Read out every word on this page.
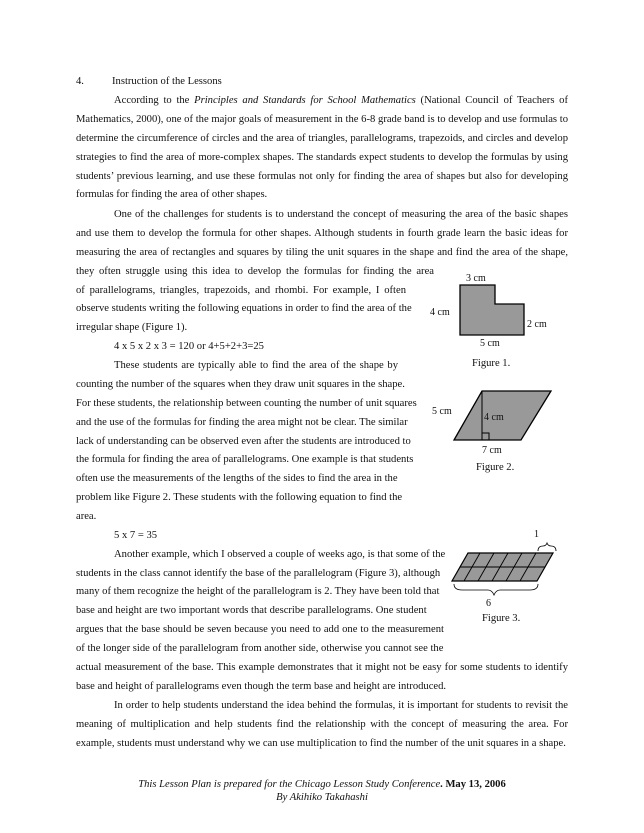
4.	Instruction of the Lessons
According to the Principles and Standards for School Mathematics (National Council of Teachers of
Mathematics, 2000), one of the major goals of measurement in the 6-8 grade band is to develop and use formulas to
determine the circumference of circles and the area of triangles, parallelograms, trapezoids, and circles and develop
strategies to find the area of more-complex shapes. The standards expect students to develop the formulas by using
students’ previous learning, and use these formulas not only for finding the area of shapes but also for developing
formulas for finding the area of other shapes.
One of the challenges for students is to understand the concept of measuring the area of the basic shapes
and use them to develop the formula for other shapes. Although students in fourth grade learn the basic ideas for
measuring the area of rectangles and squares by tiling the unit squares in the shape and find the area of the shape,
they often struggle using this idea to develop the formulas for finding the area
of parallelograms, triangles, trapezoids, and rhombi. For example, I often
observe students writing the following equations in order to find the area of the
irregular shape (Figure 1).
4 x 5 x 2 x 3 = 120 or 4+5+2+3=25
These students are typically able to find the area of the shape by
counting the number of the squares when they draw unit squares in the shape.
For these students, the relationship between counting the number of unit squares
and the use of the formulas for finding the area might not be clear. The similar
lack of understanding can be observed even after the students are introduced to
the formula for finding the area of parallelograms. One example is that students
often use the measurements of the lengths of the sides to find the area in the
problem like Figure 2. These students with the following equation to find the
area.
5 x 7 = 35
Another example, which I observed a couple of weeks ago, is that some of the
students in the class cannot identify the base of the parallelogram (Figure 3), although
many of them recognize the height of the parallelogram is 2. They have been told that
base and height are two important words that describe parallelograms. One student
argues that the base should be seven because you need to add one to the measurement
of the longer side of the parallelogram from another side, otherwise you cannot see the
actual measurement of the base. This example demonstrates that it might not be easy for some students to identify
base and height of parallelograms even though the term base and height are introduced.
In order to help students understand the idea behind the formulas, it is important for students to revisit the
meaning of multiplication and help students find the relationship with the concept of measuring the area. For
example, students must understand why we can use multiplication to find the number of the unit squares in a shape.
3 cm
4 cm
2 cm
5 cm
Figure 1.
5 cm
4 cm
7 cm
Figure 2.
1
6
Figure 3.
This Lesson Plan is prepared for the Chicago Lesson Study Conference. May 13, 2006
By Akihiko Takahashi
